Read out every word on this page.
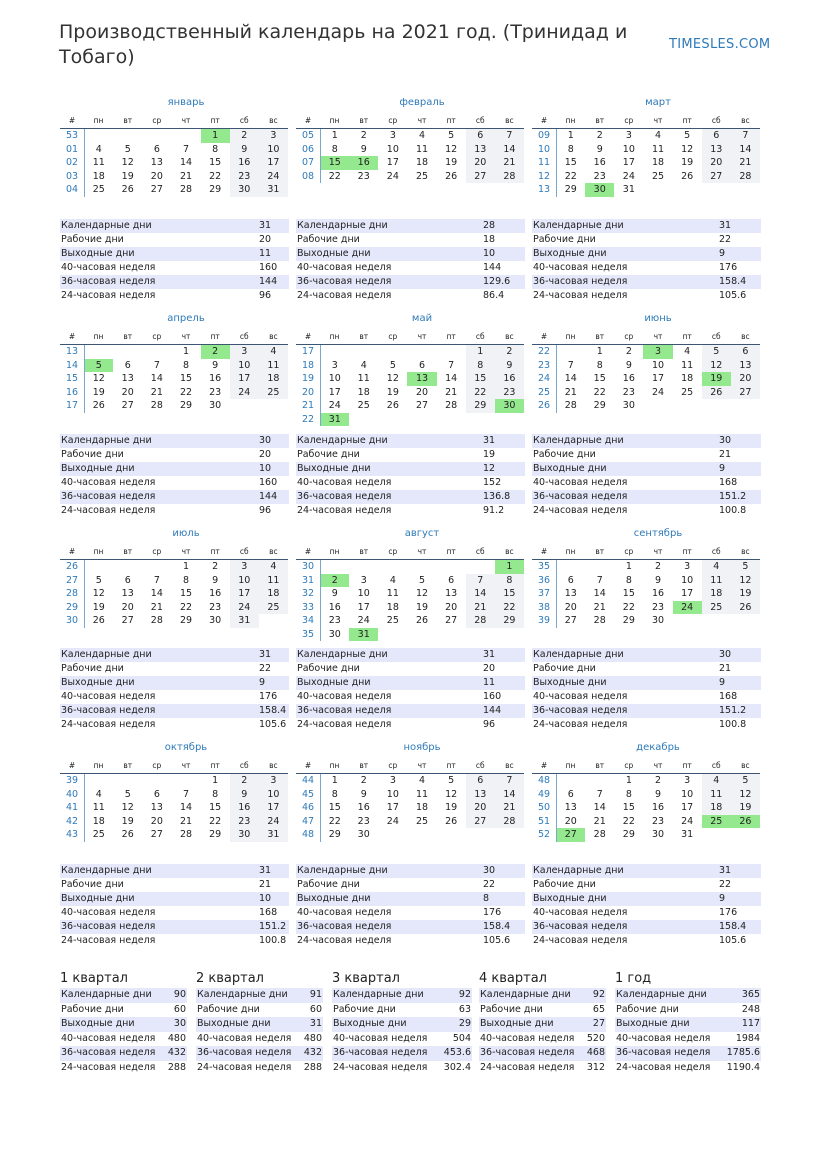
Производственный календарь на 2021 год. (Тринидад и Тобаго)
TIMESLES.COM
январь
#	пн	вт	ср	чт	пт	сб	вс
53					1	2	3
01	4	5	6	7	8	9	10
02	11	12	13	14	15	16	17
03	18	19	20	21	22	23	24
04	25	26	27	28	29	30	31
Календарные дни	31
Рабочие дни	20
Выходные дни	11
40-часовая неделя	160
36-часовая неделя	144
24-часовая неделя	96
февраль
#	пн	вт	ср	чт	пт	сб	вс
05	1	2	3	4	5	6	7
06	8	9	10	11	12	13	14
07	15	16	17	18	19	20	21
08	22	23	24	25	26	27	28
Календарные дни	28
Рабочие дни	18
Выходные дни	10
40-часовая неделя	144
36-часовая неделя	129.6
24-часовая неделя	86.4
март
#	пн	вт	ср	чт	пт	сб	вс
09	1	2	3	4	5	6	7
10	8	9	10	11	12	13	14
11	15	16	17	18	19	20	21
12	22	23	24	25	26	27	28
13	29	30	31				
Календарные дни	31
Рабочие дни	22
Выходные дни	9
40-часовая неделя	176
36-часовая неделя	158.4
24-часовая неделя	105.6
апрель
#	пн	вт	ср	чт	пт	сб	вс
13				1	2	3	4
14	5	6	7	8	9	10	11
15	12	13	14	15	16	17	18
16	19	20	21	22	23	24	25
17	26	27	28	29	30		
Календарные дни	30
Рабочие дни	20
Выходные дни	10
40-часовая неделя	160
36-часовая неделя	144
24-часовая неделя	96
май
#	пн	вт	ср	чт	пт	сб	вс
17						1	2
18	3	4	5	6	7	8	9
19	10	11	12	13	14	15	16
20	17	18	19	20	21	22	23
21	24	25	26	27	28	29	30
22	31						
Календарные дни	31
Рабочие дни	19
Выходные дни	12
40-часовая неделя	152
36-часовая неделя	136.8
24-часовая неделя	91.2
июнь
#	пн	вт	ср	чт	пт	сб	вс
22		1	2	3	4	5	6
23	7	8	9	10	11	12	13
24	14	15	16	17	18	19	20
25	21	22	23	24	25	26	27
26	28	29	30				
Календарные дни	30
Рабочие дни	21
Выходные дни	9
40-часовая неделя	168
36-часовая неделя	151.2
24-часовая неделя	100.8
июль
#	пн	вт	ср	чт	пт	сб	вс
26				1	2	3	4
27	5	6	7	8	9	10	11
28	12	13	14	15	16	17	18
29	19	20	21	22	23	24	25
30	26	27	28	29	30	31	
Календарные дни	31
Рабочие дни	22
Выходные дни	9
40-часовая неделя	176
36-часовая неделя	158.4
24-часовая неделя	105.6
август
#	пн	вт	ср	чт	пт	сб	вс
30							1
31	2	3	4	5	6	7	8
32	9	10	11	12	13	14	15
33	16	17	18	19	20	21	22
34	23	24	25	26	27	28	29
35	30	31					
Календарные дни	31
Рабочие дни	20
Выходные дни	11
40-часовая неделя	160
36-часовая неделя	144
24-часовая неделя	96
сентябрь
#	пн	вт	ср	чт	пт	сб	вс
35			1	2	3	4	5
36	6	7	8	9	10	11	12
37	13	14	15	16	17	18	19
38	20	21	22	23	24	25	26
39	27	28	29	30			
Календарные дни	30
Рабочие дни	21
Выходные дни	9
40-часовая неделя	168
36-часовая неделя	151.2
24-часовая неделя	100.8
октябрь
#	пн	вт	ср	чт	пт	сб	вс
39					1	2	3
40	4	5	6	7	8	9	10
41	11	12	13	14	15	16	17
42	18	19	20	21	22	23	24
43	25	26	27	28	29	30	31
Календарные дни	31
Рабочие дни	21
Выходные дни	10
40-часовая неделя	168
36-часовая неделя	151.2
24-часовая неделя	100.8
ноябрь
#	пн	вт	ср	чт	пт	сб	вс
44	1	2	3	4	5	6	7
45	8	9	10	11	12	13	14
46	15	16	17	18	19	20	21
47	22	23	24	25	26	27	28
48	29	30					
Календарные дни	30
Рабочие дни	22
Выходные дни	8
40-часовая неделя	176
36-часовая неделя	158.4
24-часовая неделя	105.6
декабрь
#	пн	вт	ср	чт	пт	сб	вс
48			1	2	3	4	5
49	6	7	8	9	10	11	12
50	13	14	15	16	17	18	19
51	20	21	22	23	24	25	26
52	27	28	29	30	31		
Календарные дни	31
Рабочие дни	22
Выходные дни	9
40-часовая неделя	176
36-часовая неделя	158.4
24-часовая неделя	105.6
1 квартал
Календарные дни	90
Рабочие дни	60
Выходные дни	30
40-часовая неделя	480
36-часовая неделя	432
24-часовая неделя	288
2 квартал
Календарные дни	91
Рабочие дни	60
Выходные дни	31
40-часовая неделя	480
36-часовая неделя	432
24-часовая неделя	288
3 квартал
Календарные дни	92
Рабочие дни	63
Выходные дни	29
40-часовая неделя	504
36-часовая неделя	453.6
24-часовая неделя	302.4
4 квартал
Календарные дни	92
Рабочие дни	65
Выходные дни	27
40-часовая неделя	520
36-часовая неделя	468
24-часовая неделя	312
1 год
Календарные дни	365
Рабочие дни	248
Выходные дни	117
40-часовая неделя	1984
36-часовая неделя	1785.6
24-часовая неделя	1190.4
